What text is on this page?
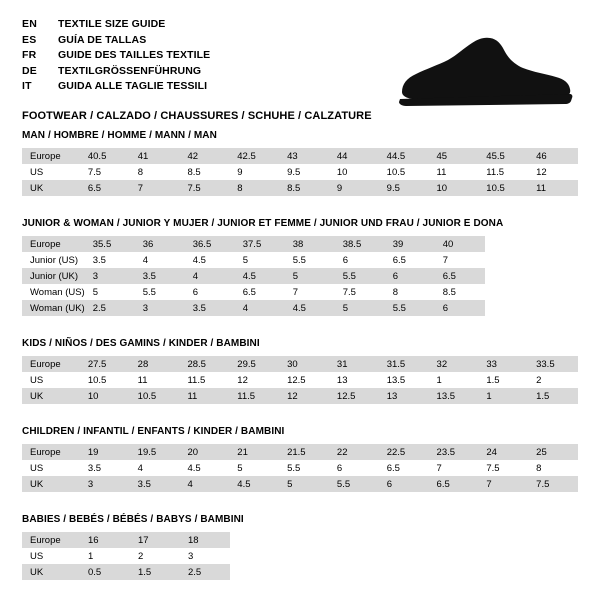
EN	TEXTILE SIZE GUIDE
ES	GUÍA DE TALLAS
FR	GUIDE DES TAILLES TEXTILE
DE	TEXTILGRÖSSENFÜHRUNG
IT	GUIDA ALLE TAGLIE TESSILI
FOOTWEAR / CALZADO / CHAUSSURES / SCHUHE / CALZATURE
MAN / HOMBRE / HOMME / MANN / MAN
Europe	40.5	41	42	42.5	43	44	44.5	45	45.5	46
US	7.5	8	8.5	9	9.5	10	10.5	11	11.5	12
UK	6.5	7	7.5	8	8.5	9	9.5	10	10.5	11
JUNIOR & WOMAN / JUNIOR Y MUJER / JUNIOR ET FEMME / JUNIOR UND FRAU / JUNIOR E DONA
Europe	35.5	36	36.5	37.5	38	38.5	39	40
Junior (US)	3.5	4	4.5	5	5.5	6	6.5	7
Junior (UK)	3	3.5	4	4.5	5	5.5	6	6.5
Woman (US)	5	5.5	6	6.5	7	7.5	8	8.5
Woman (UK)	2.5	3	3.5	4	4.5	5	5.5	6
KIDS / NIÑOS / DES GAMINS / KINDER / BAMBINI
Europe	27.5	28	28.5	29.5	30	31	31.5	32	33	33.5
US	10.5	11	11.5	12	12.5	13	13.5	1	1.5	2
UK	10	10.5	11	11.5	12	12.5	13	13.5	1	1.5
CHILDREN / INFANTIL / ENFANTS / KINDER / BAMBINI
Europe	19	19.5	20	21	21.5	22	22.5	23.5	24	25
US	3.5	4	4.5	5	5.5	6	6.5	7	7.5	8
UK	3	3.5	4	4.5	5	5.5	6	6.5	7	7.5
BABIES / BEBÉS / BÉBÉS / BABYS / BAMBINI
Europe	16	17	18
US	1	2	3
UK	0.5	1.5	2.5
